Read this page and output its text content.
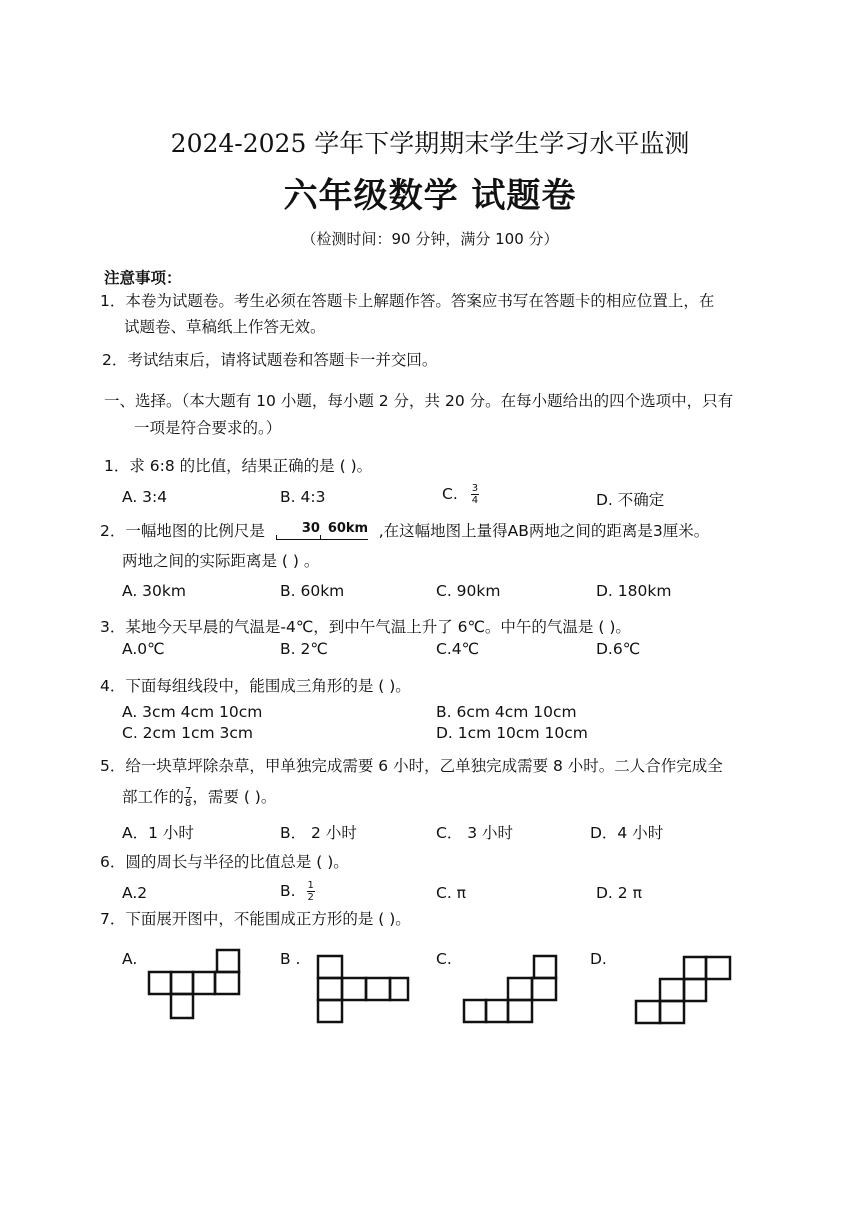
2024-2025 学年下学期期末学生学习水平监测
六年级数学 试题卷
（检测时间：90 分钟，满分 100 分）
注意事项：
1．本卷为试题卷。考生必须在答题卡上解题作答。答案应书写在答题卡的相应位置上，在
试题卷、草稿纸上作答无效。
2．考试结束后，请将试题卷和答题卡一并交回。
一、选择。（本大题有 10 小题，每小题 2 分，共 20 分。在每小题给出的四个选项中，只有
一项是符合要求的。）
1．求 6:8 的比值，结果正确的是 ( )。
A. 3:4	B. 4:3	C. $\frac{3}{4}$	D. 不确定
2．一幅地图的比例尺是	30 60km ,在这幅地图上量得AB两地之间的距离是3厘米。
两地之间的实际距离是 ( ) 。
A. 30km	B. 60km	C. 90km	D. 180km
3．某地今天早晨的气温是-4℃，到中午气温上升了 6℃。中午的气温是 ( )。
A.0℃	B. 2℃	C.4℃	D.6℃
4．下面每组线段中，能围成三角形的是 ( )。
A. 3cm 4cm 10cm	B. 6cm 4cm 10cm
C. 2cm 1cm 3cm	D. 1cm 10cm 10cm
5．给一块草坪除杂草，甲单独完成需要 6 小时，乙单独完成需要 8 小时。二人合作完成全
部工作的 $\frac{7}{8}$ ，需要 ( )。
A．1 小时	B． 2 小时	C． 3 小时	D．4 小时
6．圆的周长与半径的比值总是 ( )。
A.2	B. $\frac{1}{2}$	C. π	D. 2 π
7．下面展开图中，不能围成正方形的是 ( )。
A.	B .	C.	D.
